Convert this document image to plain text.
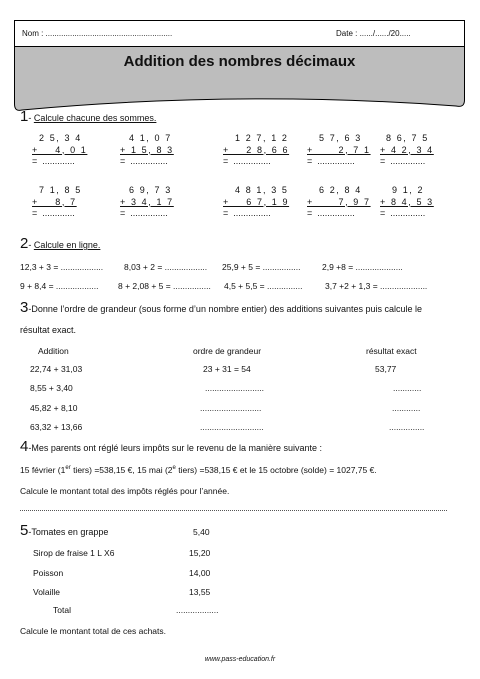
Nom : .........................................................	Date : ....../....../20.....
Addition des nombres décimaux
1- Calcule chacune des sommes.
2 5, 3 4
+    4, 0 1
=  .............
4 1, 0 7
+ 1 5, 8 3
=  ...............
1 2 7, 1 2
+    2 8, 6 6
=  ...............
5 7, 6 3
+      2, 7 1
=  ...............
8 6, 7 5
+ 4 2, 3 4
=  ..............
7 1, 8 5
+    8, 7
=  .............
6 9, 7 3
+ 3 4, 1 7
=  ...............
4 8 1, 3 5
+    6 7, 1 9
=  ...............
6 2, 8 4
+      7, 9 7
=  ...............
9 1, 2
+ 8 4, 5 3
=  ..............
2- Calcule en ligne.
12,3 + 3 = .................. 8,03 + 2 = .................. 25,9 + 5 = ................	2,9 +8 = ....................
9 + 8,4 = .................. 8 + 2,08 + 5 = ................ 4,5 + 5,5 = ...............	3,7 +2 + 1,3 = ....................
3-Donne l’ordre de grandeur (sous forme d’un nombre entier) des additions suivantes puis calcule le
résultat exact.
Addition	ordre de grandeur	résultat exact
22,74 + 31,03	23 + 31 = 54	53,77
8,55 + 3,40	.........................	............
45,82 + 8,10	..........................	............
63,32 + 13,66	...........................	...............
4-Mes parents ont réglé leurs impôts sur le revenu de la manière suivante :
15 février (1er tiers) =538,15 €, 15 mai (2e tiers) =538,15 € et le 15 octobre (solde) = 1027,75 €.
Calcule le montant total des impôts réglés pour l’année.
5-Tomates en grappe	5,40
Sirop de fraise 1 L X6	15,20
Poisson	14,00
Volaille	13,55
Total	..................
Calcule le montant total de ces achats.
www.pass-education.fr
